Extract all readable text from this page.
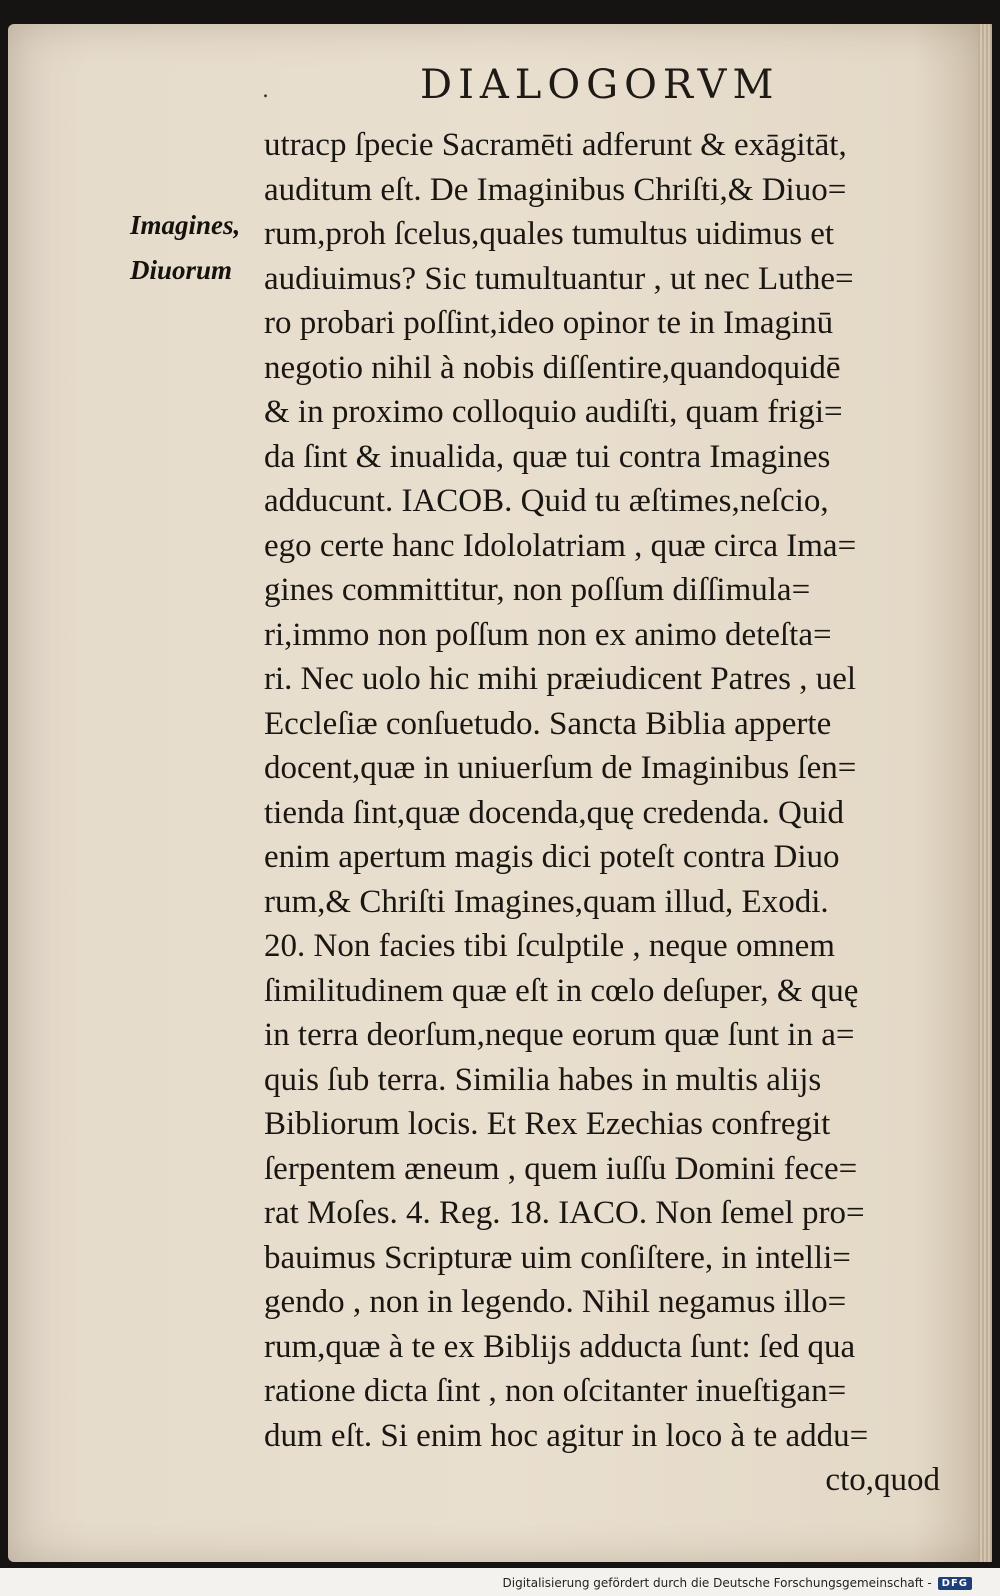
.	DIALOGORVM
Imagines,
Diuorum
utracp ſpecie Sacramēti adferunt & exāgitāt,
auditum eſt. De Imaginibus Chriſti,& Diuo=
rum,proh ſcelus,quales tumultus uidimus et
audiuimus? Sic tumultuantur , ut nec Luthe=
ro probari poſſint,ideo opinor te in Imaginū
negotio nihil à nobis diſſentire,quandoquidē
& in proximo colloquio audiſti, quam frigi=
da ſint & inualida, quæ tui contra Imagines
adducunt. IACOB. Quid tu æſtimes,neſcio,
ego certe hanc Idololatriam , quæ circa Ima=
gines committitur, non poſſum diſſimula=
ri,immo non poſſum non ex animo deteſta=
ri. Nec uolo hic mihi præiudicent Patres , uel
Eccleſiæ conſuetudo. Sancta Biblia apperte
docent,quæ in uniuerſum de Imaginibus ſen=
tienda ſint,quæ docenda,quę credenda. Quid
enim apertum magis dici poteſt contra Diuo
rum,& Chriſti Imagines,quam illud, Exodi.
20. Non facies tibi ſculptile , neque omnem
ſimilitudinem quæ eſt in cœlo deſuper, & quę
in terra deorſum,neque eorum quæ ſunt in a=
quis ſub terra. Similia habes in multis alijs
Bibliorum locis. Et Rex Ezechias confregit
ſerpentem æneum , quem iuſſu Domini fece=
rat Moſes. 4. Reg. 18. IACO. Non ſemel pro=
bauimus Scripturæ uim conſiſtere, in intelli=
gendo , non in legendo. Nihil negamus illo=
rum,quæ à te ex Biblijs adducta ſunt: ſed qua
ratione dicta ſint , non oſcitanter inueſtigan=
dum eſt. Si enim hoc agitur in loco à te addu=
cto,quod
Digitalisierung gefördert durch die Deutsche Forschungsgemeinschaft -	DFG
